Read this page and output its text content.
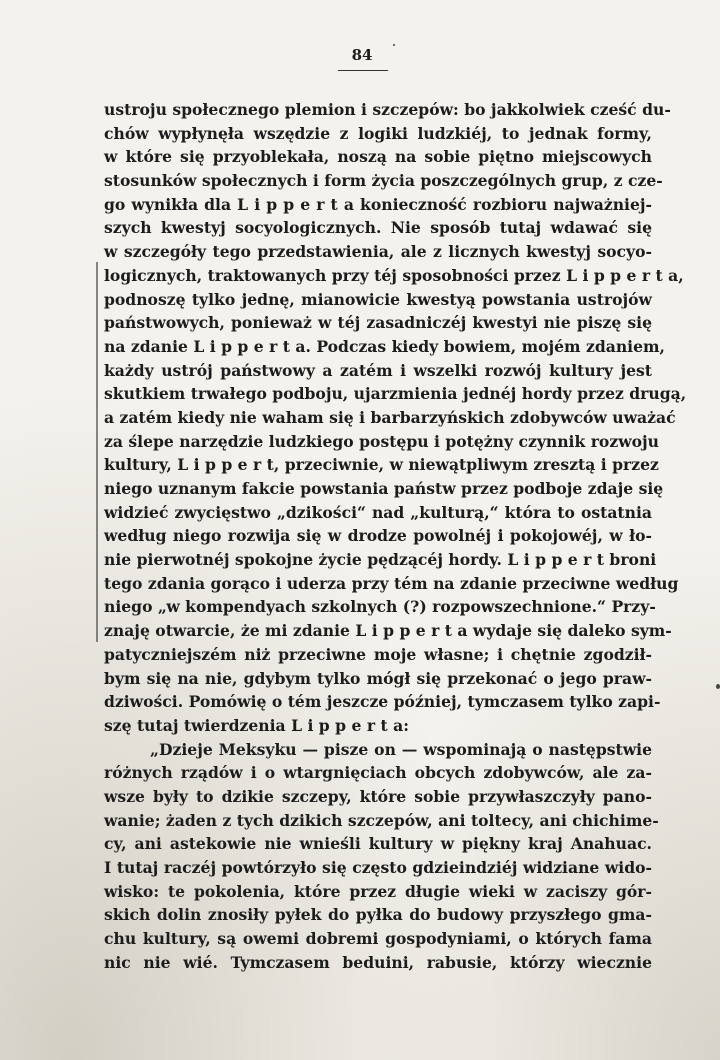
84
ustroju społecznego plemion i szczepów: bo jakkolwiek cześć du-
chów wypłynęła wszędzie z logiki ludzkiéj, to jednak formy,
w które się przyoblekała, noszą na sobie piętno miejscowych
stosunków społecznych i form życia poszczególnych grup, z cze-
go wynikła dla L i p p e r t a konieczność rozbioru najważniej-
szych kwestyj socyologicznych. Nie sposób tutaj wdawać się
w szczegóły tego przedstawienia, ale z licznych kwestyj socyo-
logicznych, traktowanych przy téj sposobności przez L i p p e r t a,
podnoszę tylko jednę, mianowicie kwestyą powstania ustrojów
państwowych, ponieważ w téj zasadniczéj kwestyi nie piszę się
na zdanie L i p p e r t a. Podczas kiedy bowiem, mojém zdaniem,
każdy ustrój państwowy a zatém i wszelki rozwój kultury jest
skutkiem trwałego podboju, ujarzmienia jednéj hordy przez drugą,
a zatém kiedy nie waham się i barbarzyńskich zdobywców uważać
za ślepe narzędzie ludzkiego postępu i potężny czynnik rozwoju
kultury, L i p p e r t, przeciwnie, w niewątpliwym zresztą i przez
niego uznanym fakcie powstania państw przez podboje zdaje się
widzieć zwycięstwo „dzikości“ nad „kulturą,“ która to ostatnia
według niego rozwija się w drodze powolnéj i pokojowéj, w ło-
nie pierwotnéj spokojne życie pędzącéj hordy. L i p p e r t broni
tego zdania gorąco i uderza przy tém na zdanie przeciwne według
niego „w kompendyach szkolnych (?) rozpowszechnione.“ Przy-
znaję otwarcie, że mi zdanie L i p p e r t a wydaje się daleko sym-
patyczniejszém niż przeciwne moje własne; i chętnie zgodził-
bym się na nie, gdybym tylko mógł się przekonać o jego praw-
dziwości. Pomówię o tém jeszcze później, tymczasem tylko zapi-
szę tutaj twierdzenia L i p p e r t a:
„Dzieje Meksyku — pisze on — wspominają o następstwie
różnych rządów i o wtargnięciach obcych zdobywców, ale za-
wsze były to dzikie szczepy, które sobie przywłaszczyły pano-
wanie; żaden z tych dzikich szczepów, ani toltecy, ani chichime-
cy, ani astekowie nie wnieśli kultury w piękny kraj Anahuac.
I tutaj raczéj powtórzyło się często gdzieindziéj widziane wido-
wisko: te pokolenia, które przez długie wieki w zaciszy gór-
skich dolin znosiły pyłek do pyłka do budowy przyszłego gma-
chu kultury, są owemi dobremi gospodyniami, o których fama
nic nie wié. Tymczasem beduini, rabusie, którzy wiecznie
